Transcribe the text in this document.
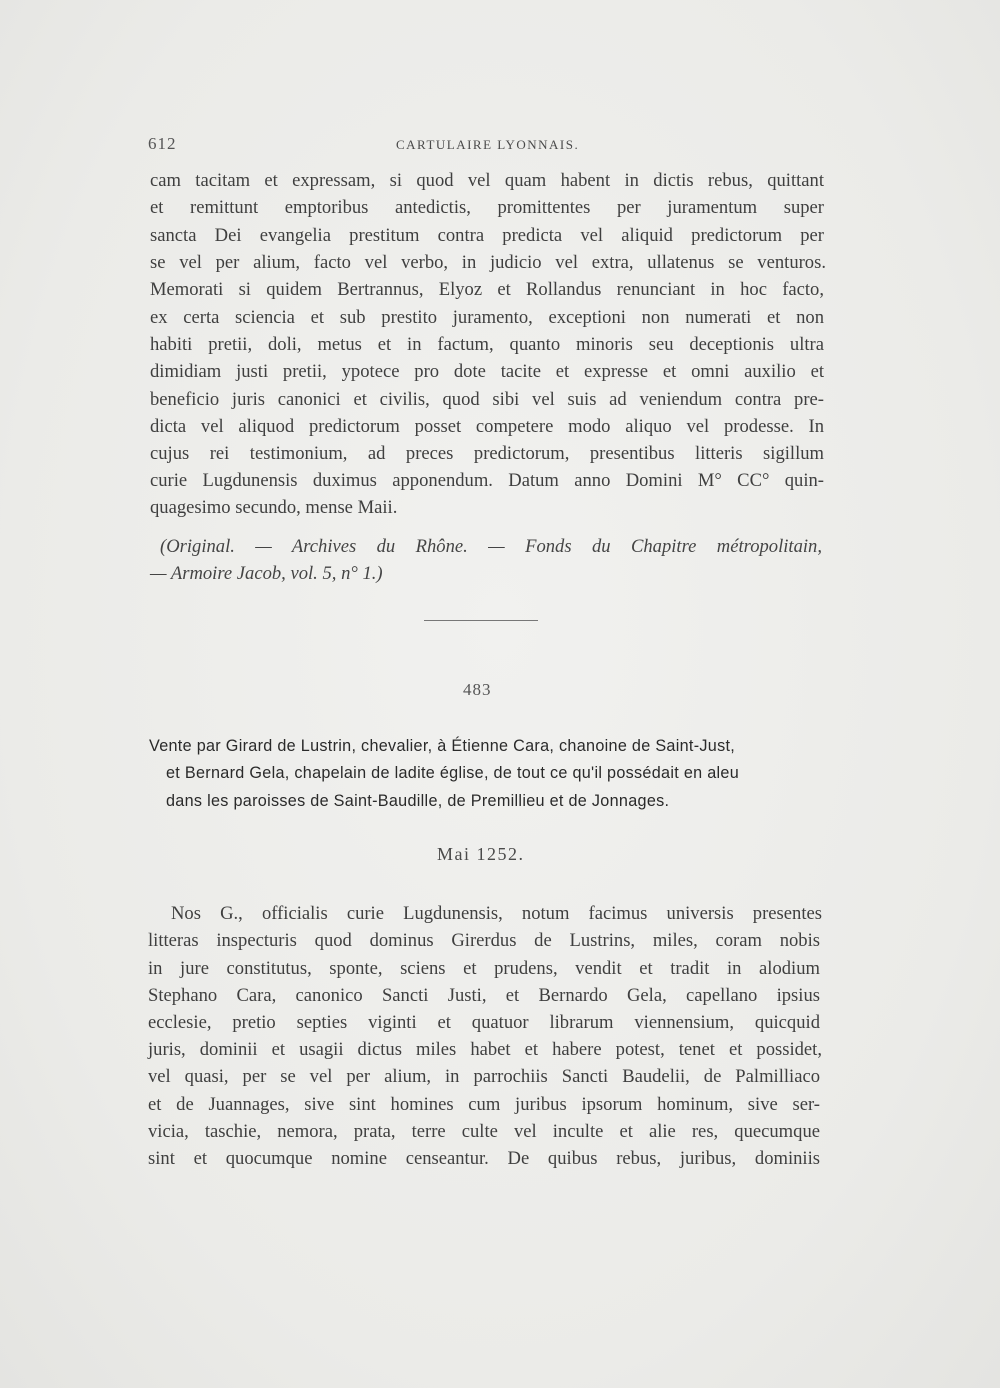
612	CARTULAIRE LYONNAIS.
cam tacitam et expressam, si quod vel quam habent in dictis rebus, quittant
et remittunt emptoribus antedictis, promittentes per juramentum super
sancta Dei evangelia prestitum contra predicta vel aliquid predictorum per
se vel per alium, facto vel verbo, in judicio vel extra, ullatenus se venturos.
Memorati si quidem Bertrannus, Elyoz et Rollandus renunciant in hoc facto,
ex certa sciencia et sub prestito juramento, exceptioni non numerati et non
habiti pretii, doli, metus et in factum, quanto minoris seu deceptionis ultra
dimidiam justi pretii, ypotece pro dote tacite et expresse et omni auxilio et
beneficio juris canonici et civilis, quod sibi vel suis ad veniendum contra pre-
dicta vel aliquod predictorum posset competere modo aliquo vel prodesse. In
cujus rei testimonium, ad preces predictorum, presentibus litteris sigillum
curie Lugdunensis duximus apponendum. Datum anno Domini M° CC° quin-
quagesimo secundo, mense Maii.
(Original. — Archives du Rhône. — Fonds du Chapitre métropolitain,
— Armoire Jacob, vol. 5, n° 1.)
483
Vente par Girard de Lustrin, chevalier, à Étienne Cara, chanoine de Saint-Just,
et Bernard Gela, chapelain de ladite église, de tout ce qu'il possédait en aleu
dans les paroisses de Saint-Baudille, de Premillieu et de Jonnages.
Mai 1252.
Nos G., officialis curie Lugdunensis, notum facimus universis presentes
litteras inspecturis quod dominus Girerdus de Lustrins, miles, coram nobis
in jure constitutus, sponte, sciens et prudens, vendit et tradit in alodium
Stephano Cara, canonico Sancti Justi, et Bernardo Gela, capellano ipsius
ecclesie, pretio septies viginti et quatuor librarum viennensium, quicquid
juris, dominii et usagii dictus miles habet et habere potest, tenet et possidet,
vel quasi, per se vel per alium, in parrochiis Sancti Baudelii, de Palmilliaco
et de Juannages, sive sint homines cum juribus ipsorum hominum, sive ser-
vicia, taschie, nemora, prata, terre culte vel inculte et alie res, quecumque
sint et quocumque nomine censeantur. De quibus rebus, juribus, dominiis
